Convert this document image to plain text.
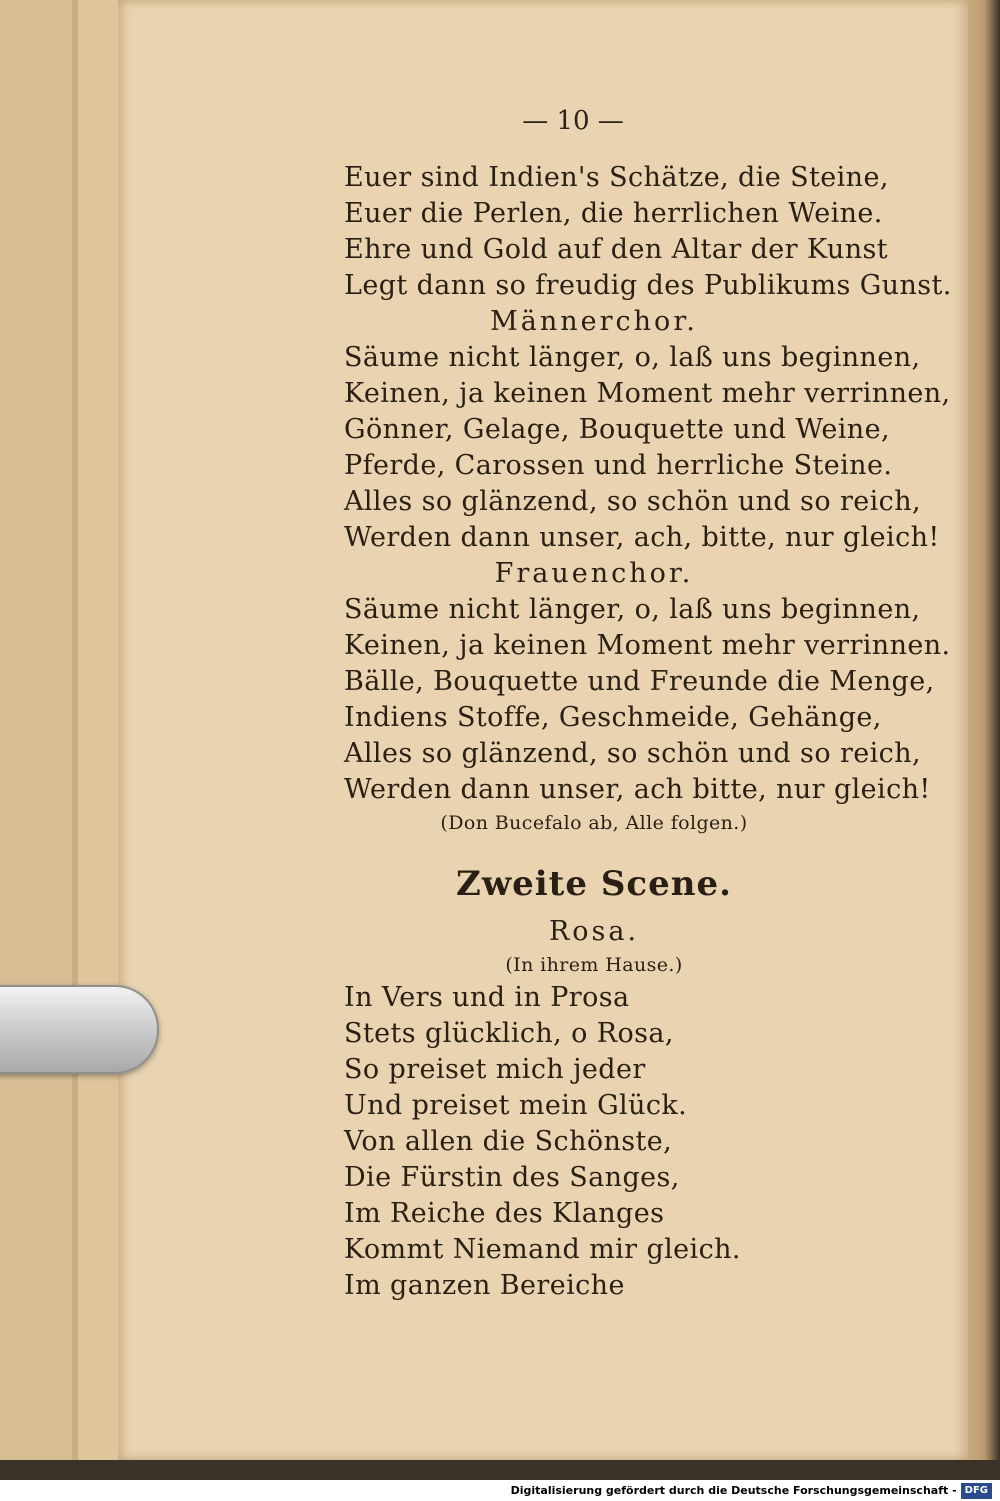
— 10 —
Euer sind Indien's Schätze, die Steine,
Euer die Perlen, die herrlichen Weine.
Ehre und Gold auf den Altar der Kunst
Legt dann so freudig des Publikums Gunst.
Männerchor.
Säume nicht länger, o, laß uns beginnen,
Keinen, ja keinen Moment mehr verrinnen,
Gönner, Gelage, Bouquette und Weine,
Pferde, Carossen und herrliche Steine.
Alles so glänzend, so schön und so reich,
Werden dann unser, ach, bitte, nur gleich!
Frauenchor.
Säume nicht länger, o, laß uns beginnen,
Keinen, ja keinen Moment mehr verrinnen.
Bälle, Bouquette und Freunde die Menge,
Indiens Stoffe, Geschmeide, Gehänge,
Alles so glänzend, so schön und so reich,
Werden dann unser, ach bitte, nur gleich!
(Don Bucefalo ab, Alle folgen.)
Zweite Scene.
Rosa.
(In ihrem Hause.)
In Vers und in Prosa
Stets glücklich, o Rosa,
So preiset mich jeder
Und preiset mein Glück.
Von allen die Schönste,
Die Fürstin des Sanges,
Im Reiche des Klanges
Kommt Niemand mir gleich.
Im ganzen Bereiche
Digitalisierung gefördert durch die Deutsche Forschungsgemeinschaft - DFG
